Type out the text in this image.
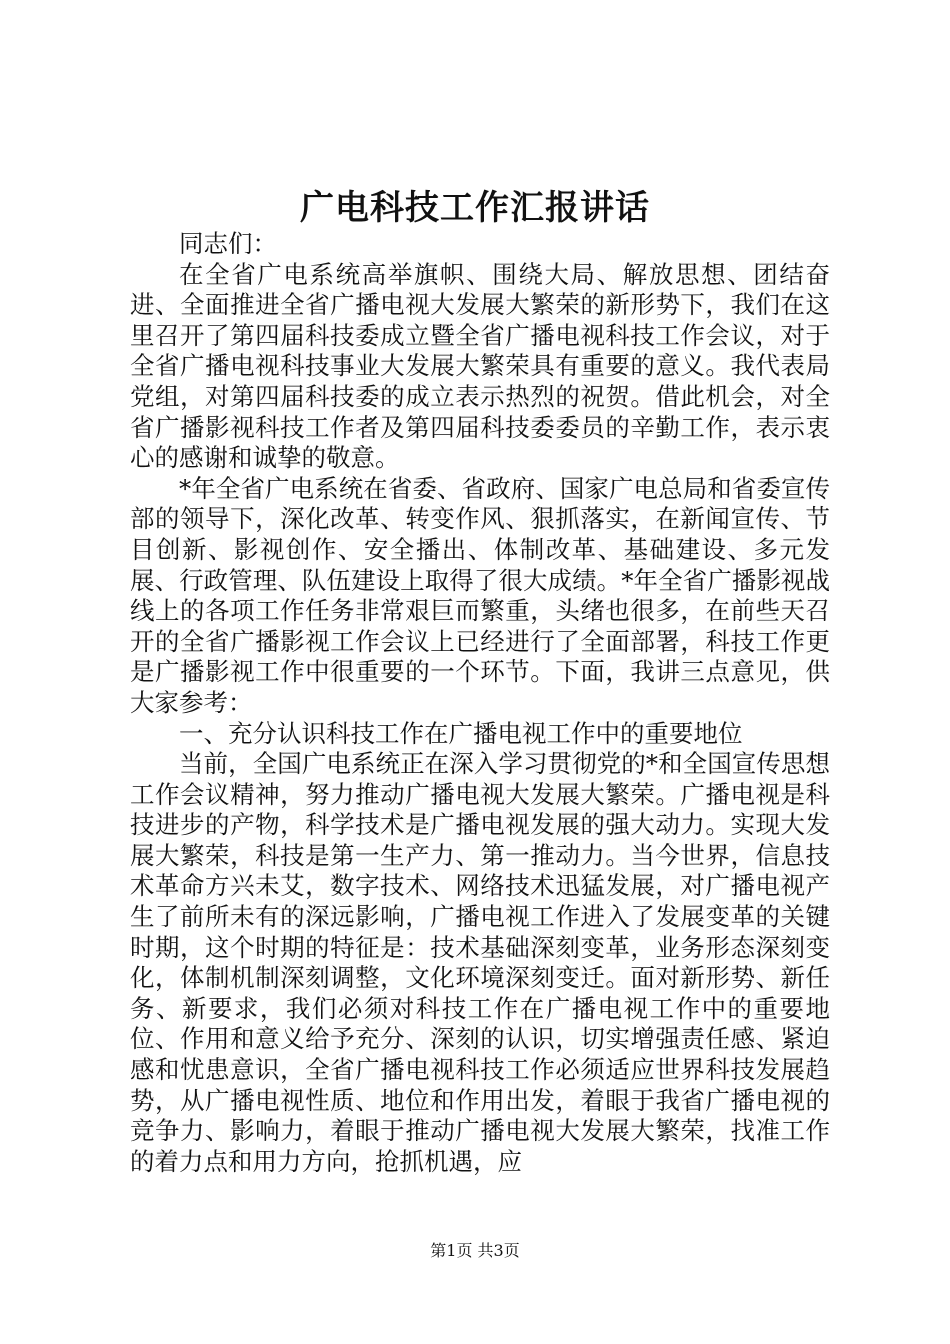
广电科技工作汇报讲话

同志们：

在全省广电系统高举旗帜、围绕大局、解放思想、团结奋进、全面推进全省广播电视大发展大繁荣的新形势下，我们在这里召开了第四届科技委成立暨全省广播电视科技工作会议，对于全省广播电视科技事业大发展大繁荣具有重要的意义。我代表局党组，对第四届科技委的成立表示热烈的祝贺。借此机会，对全省广播影视科技工作者及第四届科技委委员的辛勤工作，表示衷心的感谢和诚挚的敬意。

*年全省广电系统在省委、省政府、国家广电总局和省委宣传部的领导下，深化改革、转变作风、狠抓落实，在新闻宣传、节目创新、影视创作、安全播出、体制改革、基础建设、多元发展、行政管理、队伍建设上取得了很大成绩。*年全省广播影视战线上的各项工作任务非常艰巨而繁重，头绪也很多，在前些天召开的全省广播影视工作会议上已经进行了全面部署，科技工作更是广播影视工作中很重要的一个环节。下面，我讲三点意见，供大家参考：

一、充分认识科技工作在广播电视工作中的重要地位

当前，全国广电系统正在深入学习贯彻党的*和全国宣传思想工作会议精神，努力推动广播电视大发展大繁荣。广播电视是科技进步的产物，科学技术是广播电视发展的强大动力。实现大发展大繁荣，科技是第一生产力、第一推动力。当今世界，信息技术革命方兴未艾，数字技术、网络技术迅猛发展，对广播电视产生了前所未有的深远影响，广播电视工作进入了发展变革的关键时期，这个时期的特征是：技术基础深刻变革，业务形态深刻变化，体制机制深刻调整，文化环境深刻变迁。面对新形势、新任务、新要求，我们必须对科技工作在广播电视工作中的重要地位、作用和意义给予充分、深刻的认识，切实增强责任感、紧迫感和忧患意识，全省广播电视科技工作必须适应世界科技发展趋势，从广播电视性质、地位和作用出发，着眼于我省广播电视的竞争力、影响力，着眼于推动广播电视大发展大繁荣，找准工作的着力点和用力方向，抢抓机遇，应

第1页 共3页
